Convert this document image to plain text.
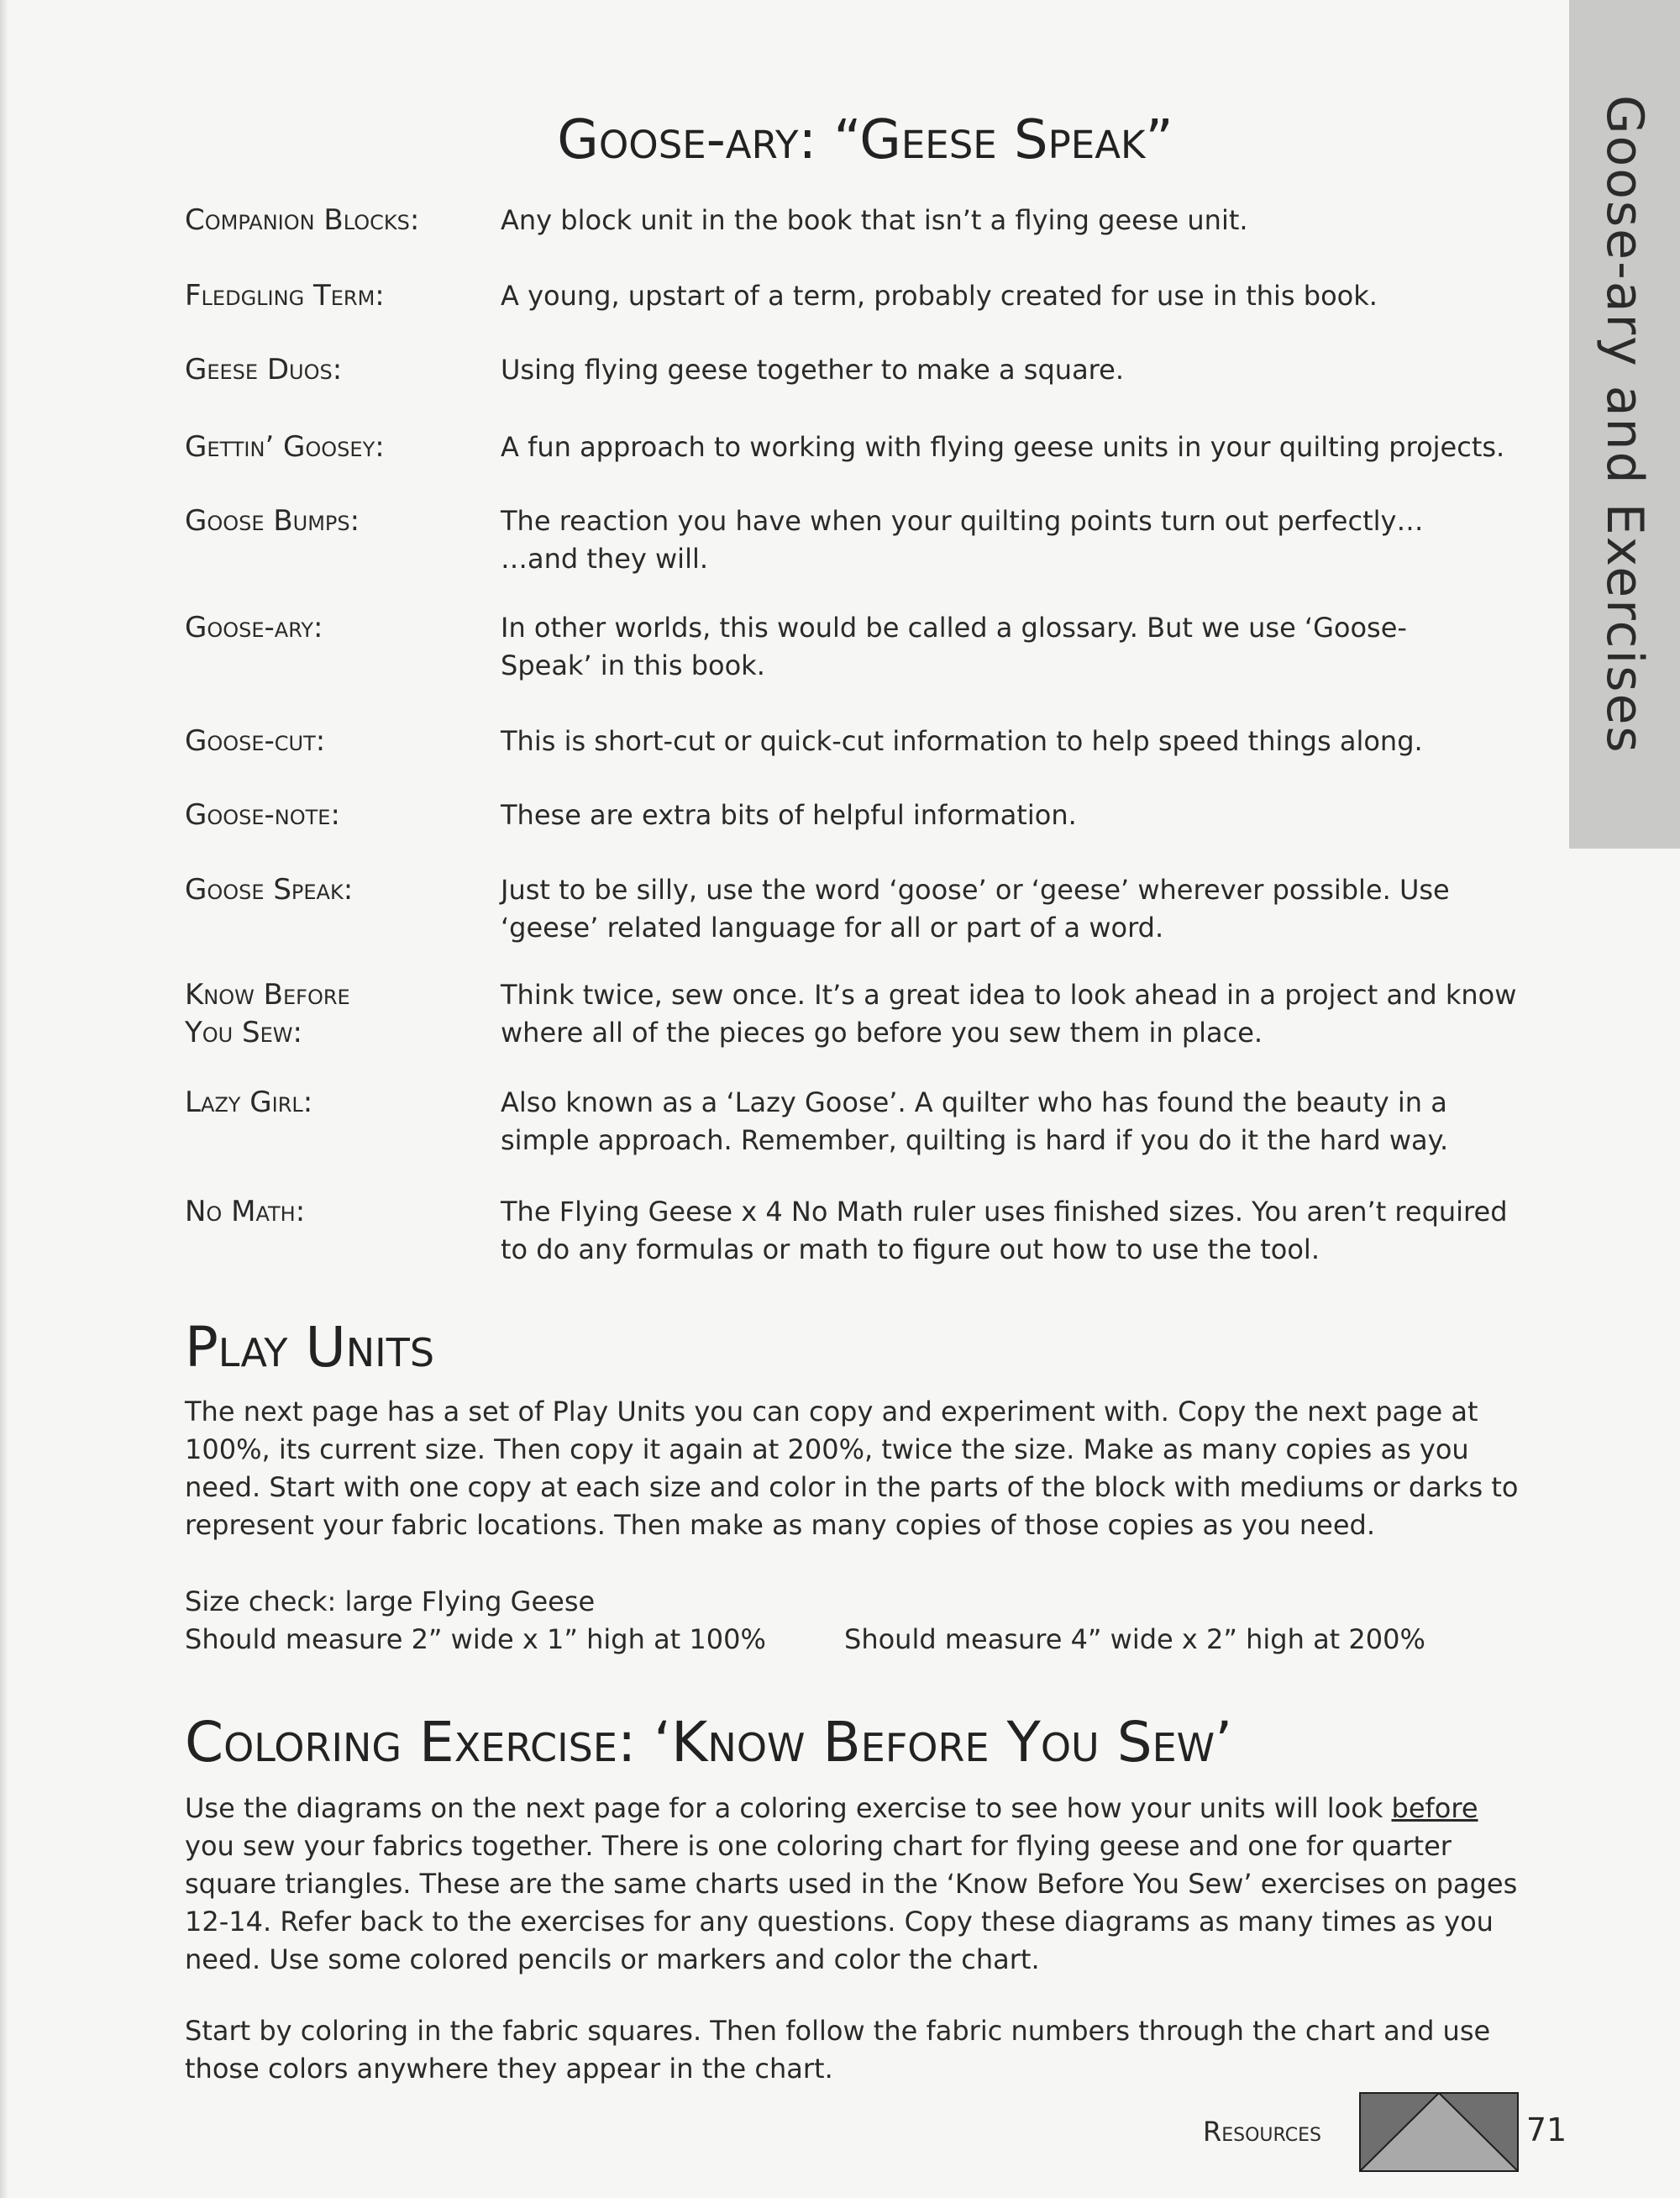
Goose-ary and Exercises
Goose-ary: “Geese Speak”
Companion Blocks:	Any block unit in the book that isn’t a flying geese unit.
Fledgling Term:	A young, upstart of a term, probably created for use in this book.
Geese Duos:	Using flying geese together to make a square.
Gettin’ Goosey:	A fun approach to working with flying geese units in your quilting projects.
Goose Bumps:	The reaction you have when your quilting points turn out perfectly… …and they will.
Goose-ary:	In other worlds, this would be called a glossary. But we use ‘Goose-Speak’ in this book.
Goose-cut:	This is short-cut or quick-cut information to help speed things along.
Goose-note:	These are extra bits of helpful information.
Goose Speak:	Just to be silly, use the word ‘goose’ or ‘geese’ wherever possible. Use ‘geese’ related language for all or part of a word.
Know Before You Sew:
Think twice, sew once. It’s a great idea to look ahead in a project and know where all of the pieces go before you sew them in place.
Lazy Girl:	Also known as a ‘Lazy Goose’. A quilter who has found the beauty in a simple approach. Remember, quilting is hard if you do it the hard way.
No Math:	The Flying Geese x 4 No Math ruler uses finished sizes. You aren’t required to do any formulas or math to figure out how to use the tool.
Play Units

The next page has a set of Play Units you can copy and experiment with. Copy the next page at 100%, its current size. Then copy it again at 200%, twice the size. Make as many copies as you need. Start with one copy at each size and color in the parts of the block with mediums or darks to represent your fabric locations. Then make as many copies of those copies as you need.

Size check: large Flying Geese
Should measure 2” wide x 1” high at 100%	Should measure 4” wide x 2” high at 200%
Coloring Exercise: ‘Know Before You Sew’

Use the diagrams on the next page for a coloring exercise to see how your units will look before you sew your fabrics together. There is one coloring chart for flying geese and one for quarter square triangles. These are the same charts used in the ‘Know Before You Sew’ exercises on pages 12-14. Refer back to the exercises for any questions. Copy these diagrams as many times as you need. Use some colored pencils or markers and color the chart.

Start by coloring in the fabric squares. Then follow the fabric numbers through the chart and use those colors anywhere they appear in the chart.

Resources	71
